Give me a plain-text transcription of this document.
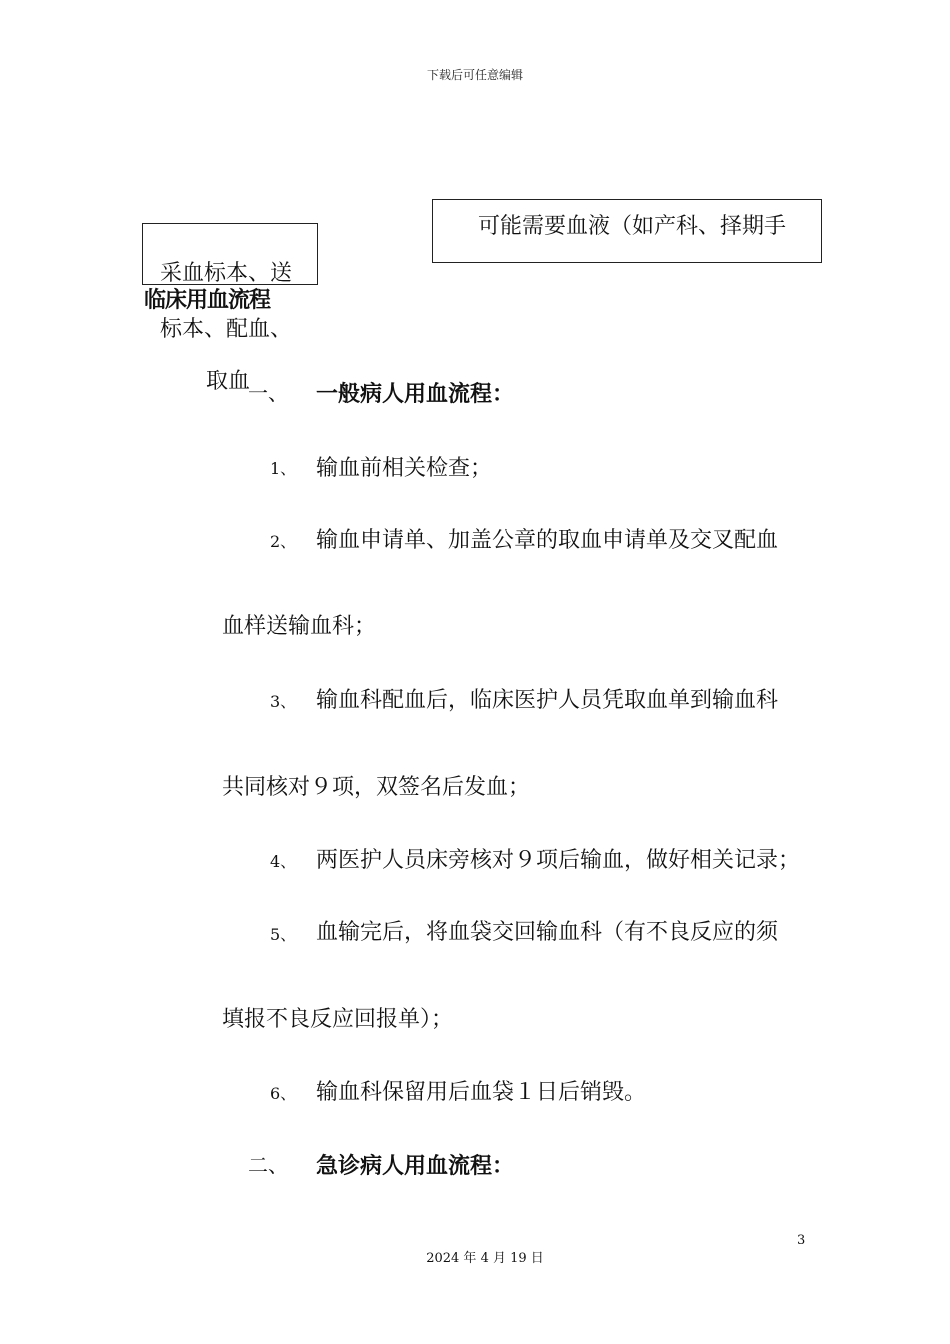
下载后可任意编辑
采血标本、送
标本、配血、
取血
可能需要血液（如产科、择期手
临床用血流程
一、 一般病人用血流程：
1、 输血前相关检查；
2、 输血申请单、加盖公章的取血申请单及交叉配血
血样送输血科；
3、 输血科配血后，临床医护人员凭取血单到输血科
共同核对９项，双签名后发血；
4、 两医护人员床旁核对９项后输血，做好相关记录；
5、 血输完后，将血袋交回输血科（有不良反应的须
填报不良反应回报单）；
6、 输血科保留用后血袋１日后销毁。
二、 急诊病人用血流程：
3
2024 年 4 月 19 日
